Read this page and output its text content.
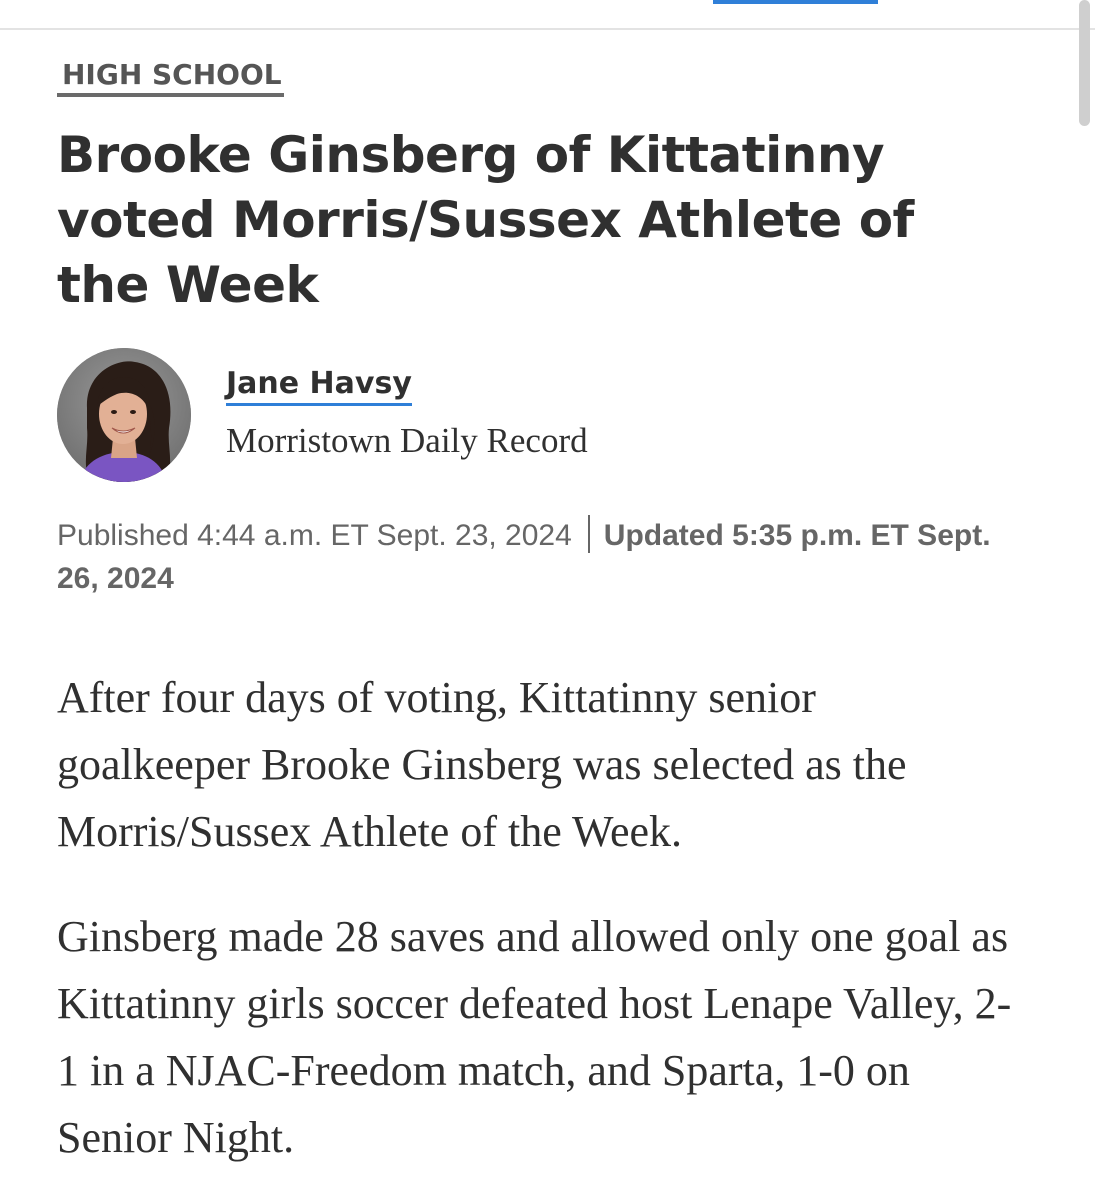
HIGH SCHOOL
Brooke Ginsberg of Kittatinny voted Morris/Sussex Athlete of the Week
Jane Havsy
Morristown Daily Record
Published 4:44 a.m. ET Sept. 23, 2024 Updated 5:35 p.m. ET Sept. 26, 2024

After four days of voting, Kittatinny senior goalkeeper Brooke Ginsberg was selected as the Morris/Sussex Athlete of the Week.

Ginsberg made 28 saves and allowed only one goal as Kittatinny girls soccer defeated host Lenape Valley, 2-1 in a NJAC-Freedom match, and Sparta, 1-0 on Senior Night.
